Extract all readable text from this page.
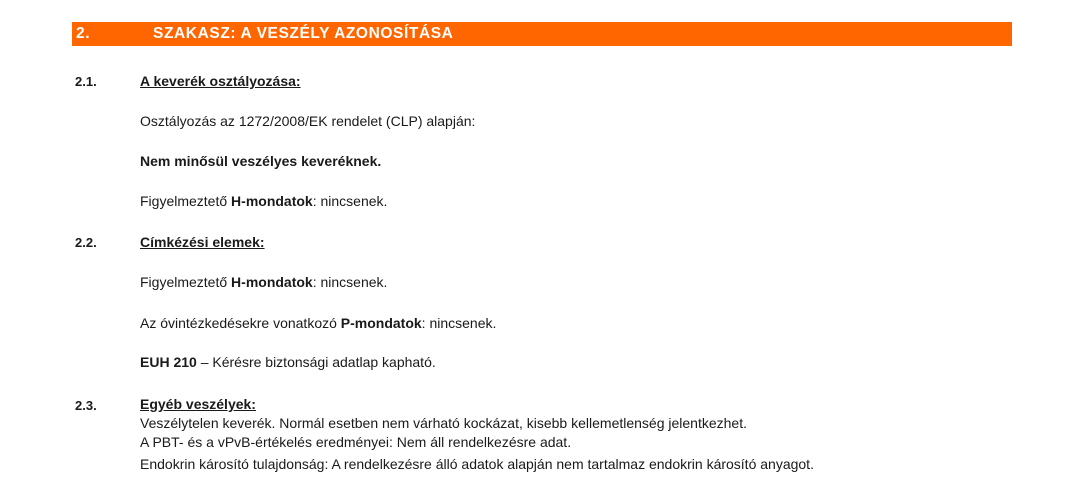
2.	SZAKASZ: A VESZÉLY AZONOSÍTÁSA
2.1.	A keverék osztályozása:
Osztályozás az 1272/2008/EK rendelet (CLP) alapján:
Nem minősül veszélyes keveréknek.
Figyelmeztető H-mondatok: nincsenek.
2.2.	Címkézési elemek:
Figyelmeztető H-mondatok: nincsenek.
Az óvintézkedésekre vonatkozó P-mondatok: nincsenek.
EUH 210 – Kérésre biztonsági adatlap kapható.
2.3.	Egyéb veszélyek:
Veszélytelen keverék. Normál esetben nem várható kockázat, kisebb kellemetlenség jelentkezhet.
A PBT- és a vPvB-értékelés eredményei: Nem áll rendelkezésre adat.
Endokrin károsító tulajdonság: A rendelkezésre álló adatok alapján nem tartalmaz endokrin károsító anyagot.
